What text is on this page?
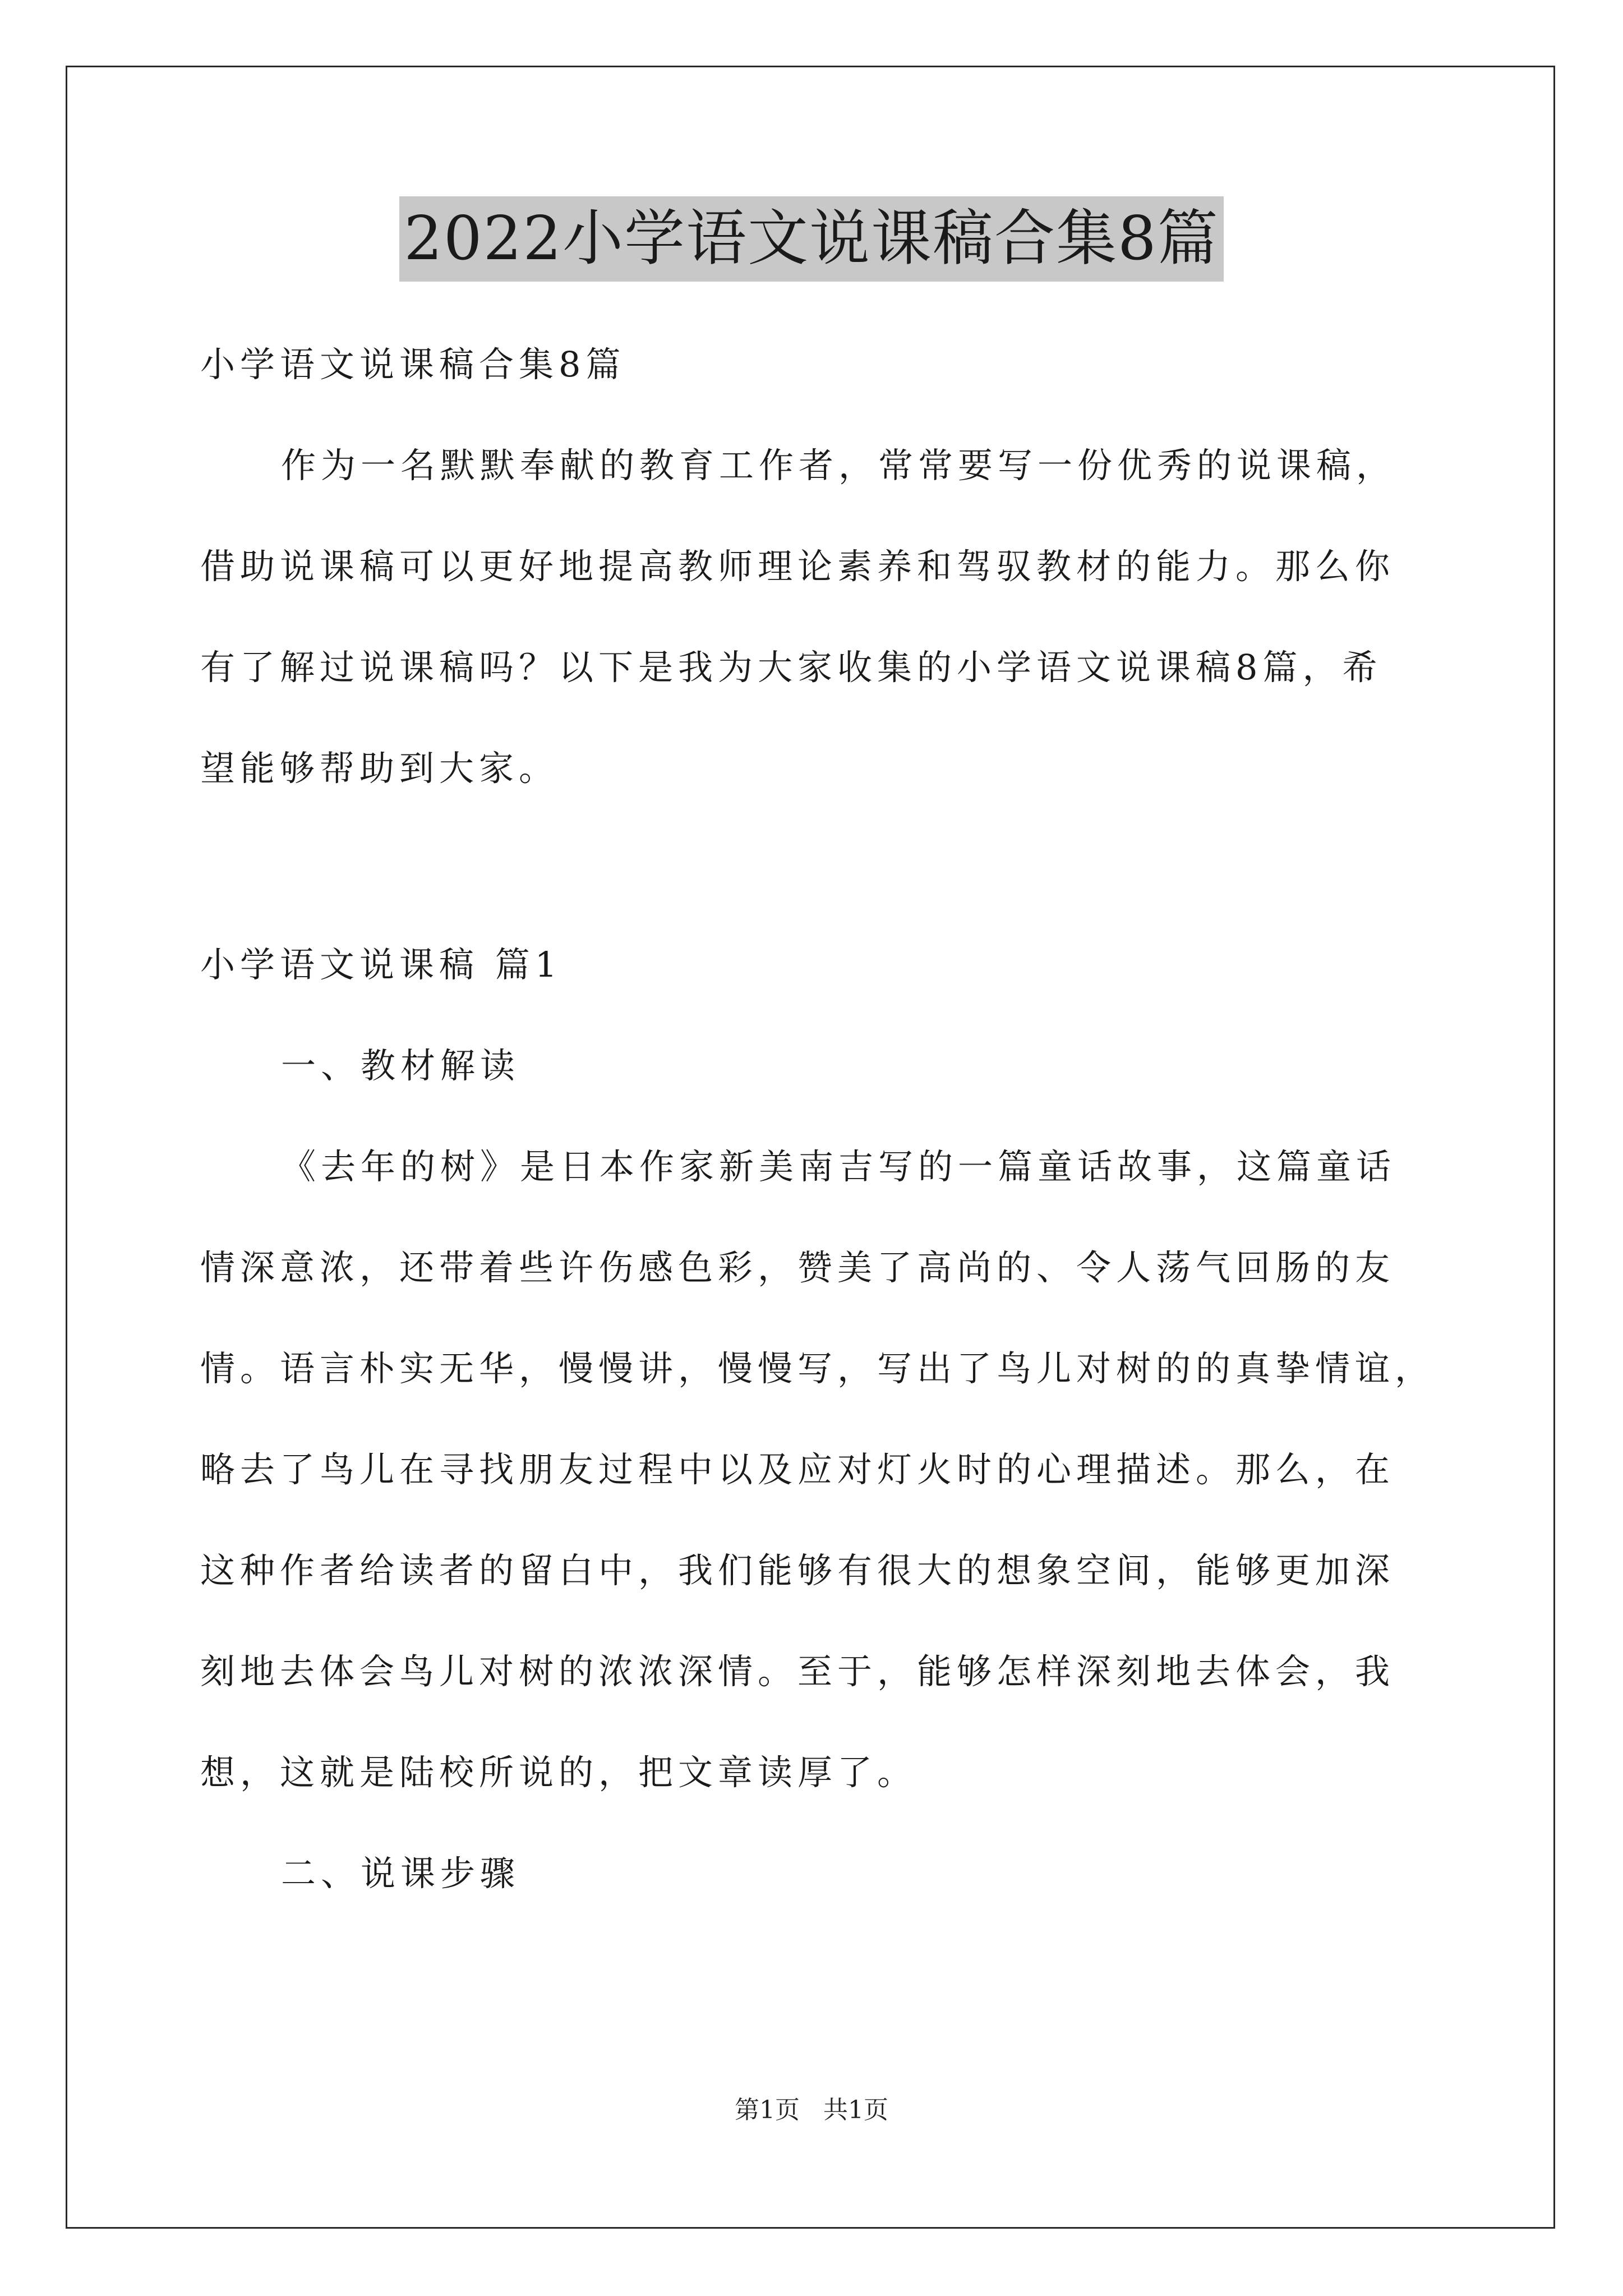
2022小学语文说课稿合集8篇
小学语文说课稿合集8篇
作为一名默默奉献的教育工作者，常常要写一份优秀的说课稿，
借助说课稿可以更好地提高教师理论素养和驾驭教材的能力。那么你
有了解过说课稿吗？以下是我为大家收集的小学语文说课稿8篇，希
望能够帮助到大家。
小学语文说课稿 篇1
一、教材解读
《去年的树》是日本作家新美南吉写的一篇童话故事，这篇童话
情深意浓，还带着些许伤感色彩，赞美了高尚的、令人荡气回肠的友
情。语言朴实无华，慢慢讲，慢慢写，写出了鸟儿对树的的真挚情谊，
略去了鸟儿在寻找朋友过程中以及应对灯火时的心理描述。那么，在
这种作者给读者的留白中，我们能够有很大的想象空间，能够更加深
刻地去体会鸟儿对树的浓浓深情。至于，能够怎样深刻地去体会，我
想，这就是陆校所说的，把文章读厚了。
二、说课步骤
第1页 共1页
